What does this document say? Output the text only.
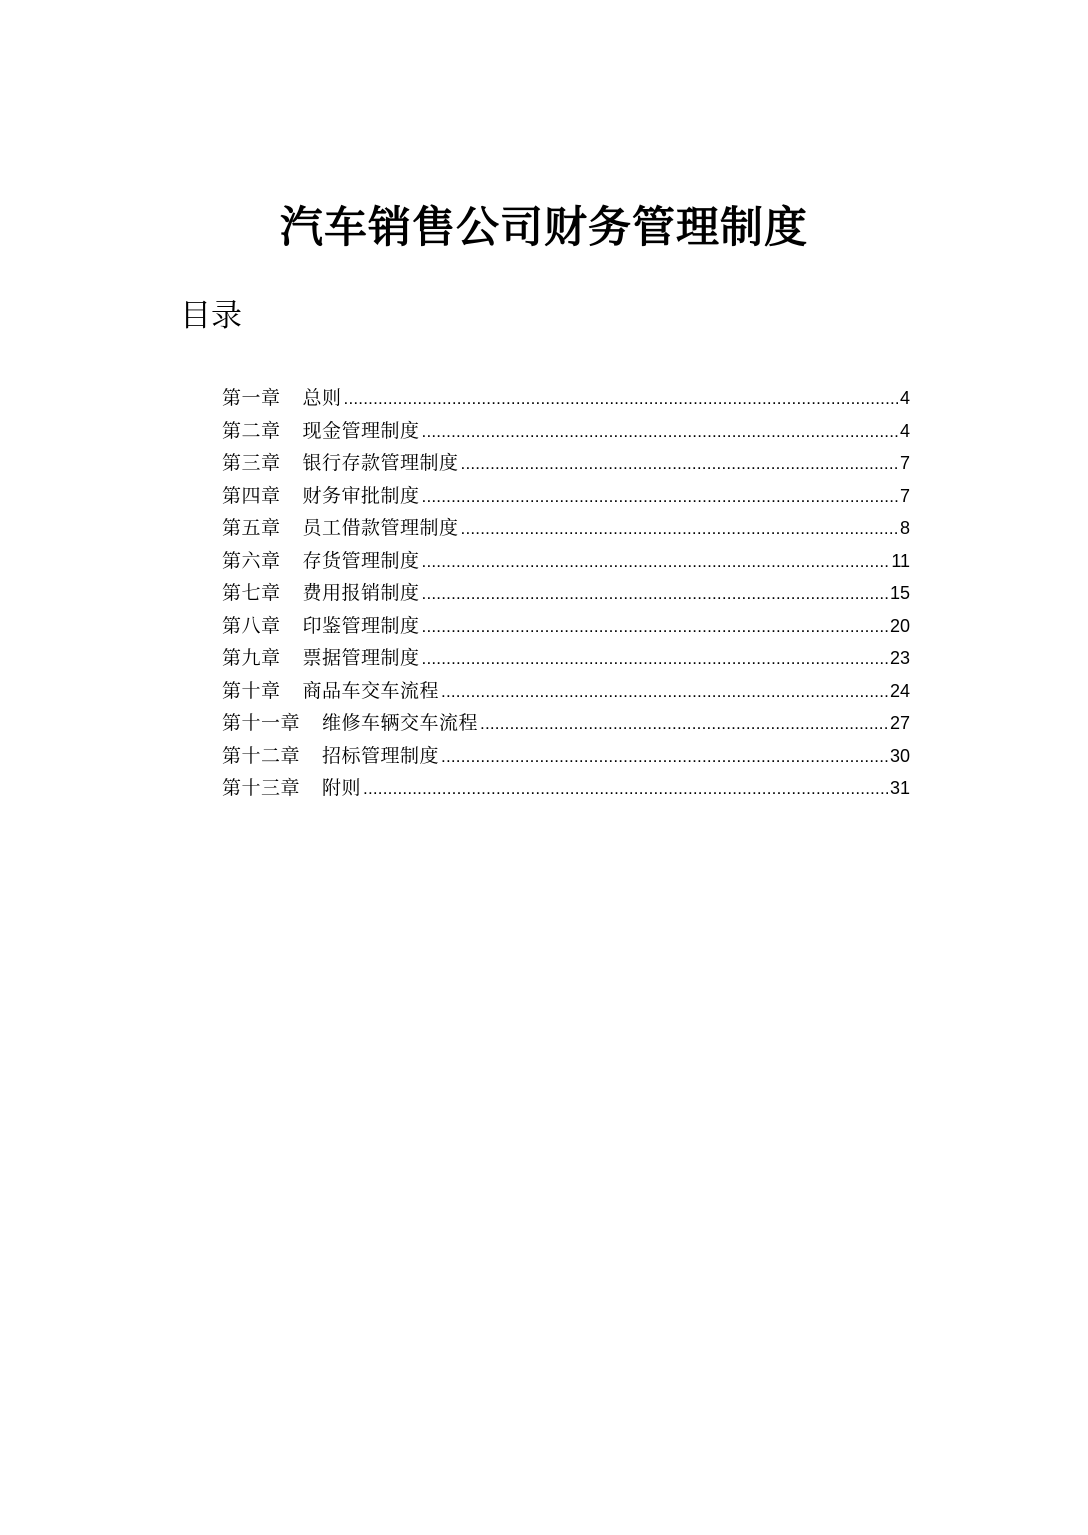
汽车销售公司财务管理制度
目录
第一章 总则 .....	4
第二章 现金管理制度 .....	4
第三章 银行存款管理制度 .....	7
第四章 财务审批制度 .....	7
第五章 员工借款管理制度 .....	8
第六章 存货管理制度 .....	11
第七章 费用报销制度 .....	15
第八章 印鉴管理制度 .....	20
第九章 票据管理制度 .....	23
第十章 商品车交车流程 .....	24
第十一章 维修车辆交车流程 .....	27
第十二章 招标管理制度 .....	30
第十三章 附则 .....	31
